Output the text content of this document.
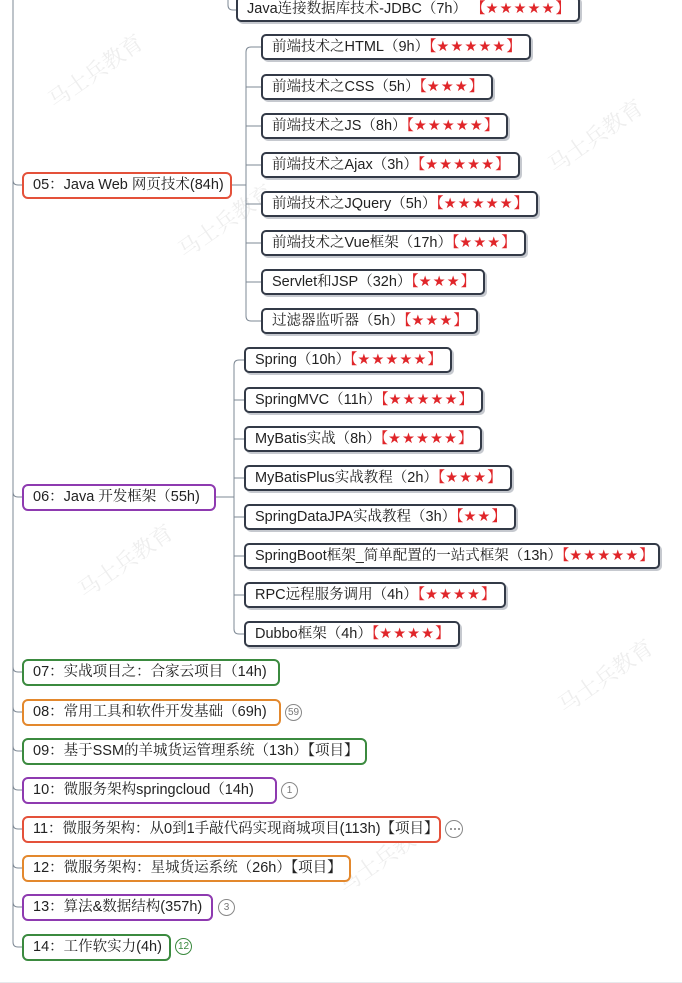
马士兵教育
马士兵教育
马士兵教育
马士兵教育
马士兵教育
马士兵教育
Java连接数据库技术-JDBC（7h） 【★★★★★】
05：Java Web 网页技术(84h)
前端技术之HTML（9h）【★★★★★】
前端技术之CSS（5h）【★★★】
前端技术之JS（8h）【★★★★★】
前端技术之Ajax（3h）【★★★★★】
前端技术之JQuery（5h）【★★★★★】
前端技术之Vue框架（17h）【★★★】
Servlet和JSP（32h）【★★★】
过滤器监听器（5h）【★★★】
06：Java 开发框架（55h)
Spring（10h）【★★★★★】
SpringMVC（11h）【★★★★★】
MyBatis实战（8h）【★★★★★】
MyBatisPlus实战教程（2h）【★★★】
SpringDataJPA实战教程（3h）【★★】
SpringBoot框架_简单配置的一站式框架（13h）【★★★★★】
RPC远程服务调用（4h）【★★★★】
Dubbo框架（4h）【★★★★】
07：实战项目之：合家云项目（14h)
08：常用工具和软件开发基础（69h)	59
09：基于SSM的羊城货运管理系统（13h）【项目】
10：微服务架构springcloud（14h)	1
11：微服务架构：从0到1手敲代码实现商城项目(113h)【项目】
12：微服务架构：星城货运系统（26h）【项目】
13：算法&数据结构(357h)	3
14：工作软实力(4h)	12
